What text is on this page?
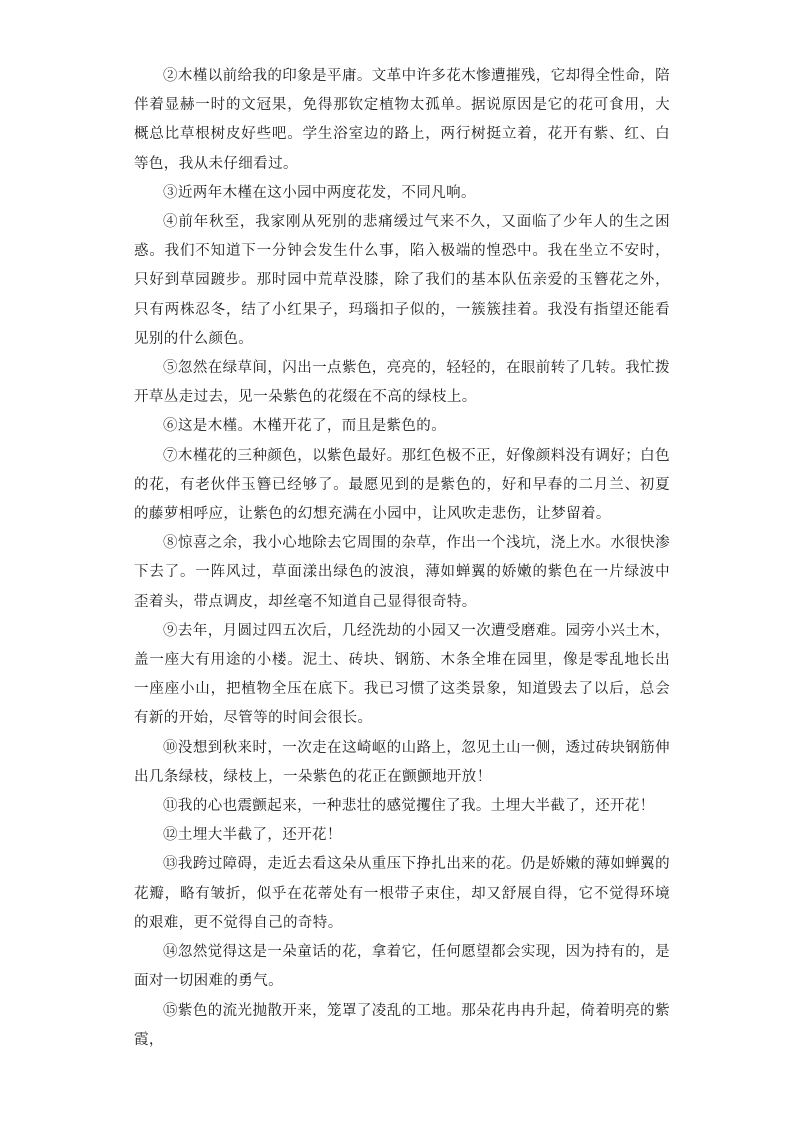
②木槿以前给我的印象是平庸。文革中许多花木惨遭摧残，它却得全性命，陪伴着显赫一时的文冠果，免得那钦定植物太孤单。据说原因是它的花可食用，大概总比草根树皮好些吧。学生浴室边的路上，两行树挺立着，花开有紫、红、白等色，我从未仔细看过。

③近两年木槿在这小园中两度花发，不同凡响。

④前年秋至，我家刚从死别的悲痛缓过气来不久，又面临了少年人的生之困惑。我们不知道下一分钟会发生什么事，陷入极端的惶恐中。我在坐立不安时，只好到草园踱步。那时园中荒草没膝，除了我们的基本队伍亲爱的玉簪花之外，只有两株忍冬，结了小红果子，玛瑙扣子似的，一簇簇挂着。我没有指望还能看见别的什么颜色。

⑤忽然在绿草间，闪出一点紫色，亮亮的，轻轻的，在眼前转了几转。我忙拨开草丛走过去，见一朵紫色的花缀在不高的绿枝上。

⑥这是木槿。木槿开花了，而且是紫色的。

⑦木槿花的三种颜色，以紫色最好。那红色极不正，好像颜料没有调好；白色的花，有老伙伴玉簪已经够了。最愿见到的是紫色的，好和早春的二月兰、初夏的藤萝相呼应，让紫色的幻想充满在小园中，让风吹走悲伤，让梦留着。

⑧惊喜之余，我小心地除去它周围的杂草，作出一个浅坑，浇上水。水很快渗下去了。一阵风过，草面漾出绿色的波浪，薄如蝉翼的娇嫩的紫色在一片绿波中歪着头，带点调皮，却丝毫不知道自己显得很奇特。

⑨去年，月圆过四五次后，几经洗劫的小园又一次遭受磨难。园旁小兴土木，盖一座大有用途的小楼。泥土、砖块、钢筋、木条全堆在园里，像是零乱地长出一座座小山，把植物全压在底下。我已习惯了这类景象，知道毁去了以后，总会有新的开始，尽管等的时间会很长。

⑩没想到秋来时，一次走在这崎岖的山路上，忽见土山一侧，透过砖块钢筋伸出几条绿枝，绿枝上，一朵紫色的花正在颤颤地开放！

⑪我的心也震颤起来，一种悲壮的感觉攫住了我。土埋大半截了，还开花！

⑫土埋大半截了，还开花！

⑬我跨过障碍，走近去看这朵从重压下挣扎出来的花。仍是娇嫩的薄如蝉翼的花瓣，略有皱折，似乎在花蒂处有一根带子束住，却又舒展自得，它不觉得环境的艰难，更不觉得自己的奇特。

⑭忽然觉得这是一朵童话的花，拿着它，任何愿望都会实现，因为持有的，是面对一切困难的勇气。

⑮紫色的流光抛散开来，笼罩了凌乱的工地。那朵花冉冉升起，倚着明亮的紫霞，
